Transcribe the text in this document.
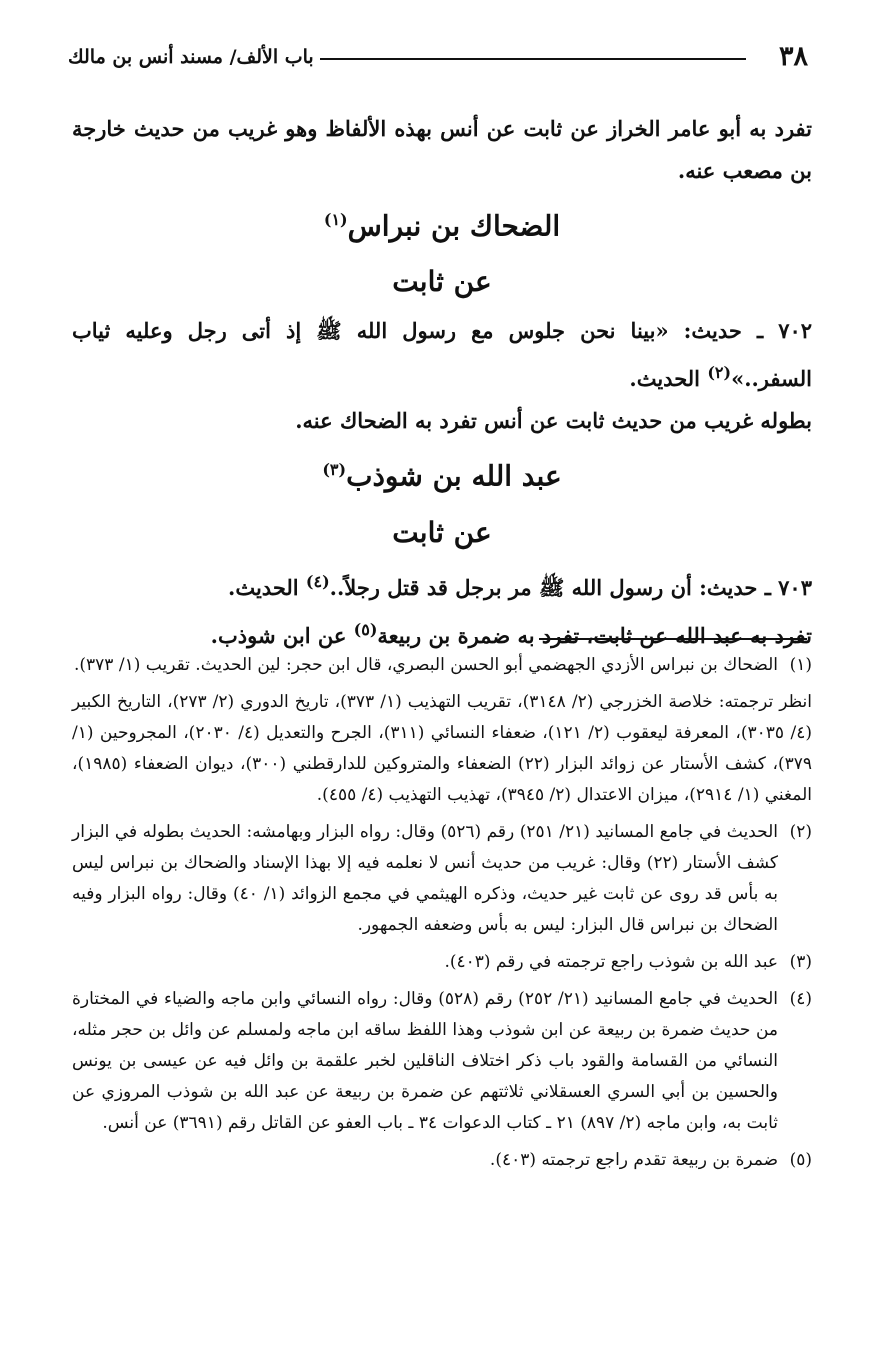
٣٨
باب الألف/ مسند أنس بن مالك

تفرد به أبو عامر الخراز عن ثابت عن أنس بهذه الألفاظ وهو غريب من حديث خارجة بن مصعب عنه.

الضحاك بن نبراس$^{(١)}$

عن ثابت

٧٠٢ ـ حديث: «بينا نحن جلوس مع رسول الله ﷺ إذ أتى رجل وعليه ثياب السفر..»$^{(٢)}$ الحديث.

بطوله غريب من حديث ثابت عن أنس تفرد به الضحاك عنه.

عبد الله بن شوذب$^{(٣)}$

عن ثابت

٧٠٣ ـ حديث: أن رسول الله ﷺ مر برجل قد قتل رجلاً..$^{(٤)}$ الحديث.

تفرد به عبد الله عن ثابت، تفرد به ضمرة بن ربيعة$^{(٥)}$ عن ابن شوذب.

(١)
الضحاك بن نبراس الأزدي الجهضمي أبو الحسن البصري، قال ابن حجر: لين الحديث. تقريب (١/ ٣٧٣).

انظر ترجمته: خلاصة الخزرجي (٢/ ٣١٤٨)، تقريب التهذيب (١/ ٣٧٣)، تاريخ الدوري (٢/ ٢٧٣)، التاريخ الكبير (٤/ ٣٠٣٥)، المعرفة ليعقوب (٢/ ١٢١)، ضعفاء النسائي (٣١١)، الجرح والتعديل (٤/ ٢٠٣٠)، المجروحين (١/ ٣٧٩)، كشف الأستار عن زوائد البزار (٢٢) الضعفاء والمتروكين للدارقطني (٣٠٠)، ديوان الضعفاء (١٩٨٥)، المغني (١/ ٢٩١٤)، ميزان الاعتدال (٢/ ٣٩٤٥)، تهذيب التهذيب (٤/ ٤٥٥).

(٢)
الحديث في جامع المسانيد (٢١/ ٢٥١) رقم (٥٢٦) وقال: رواه البزار وبهامشه: الحديث بطوله في البزار كشف الأستار (٢٢) وقال: غريب من حديث أنس لا نعلمه فيه إلا بهذا الإسناد والضحاك بن نبراس ليس به بأس قد روى عن ثابت غير حديث، وذكره الهيثمي في مجمع الزوائد (١/ ٤٠) وقال: رواه البزار وفيه الضحاك بن نبراس قال البزار: ليس به بأس وضعفه الجمهور.
(٣)
عبد الله بن شوذب راجع ترجمته في رقم (٤٠٣).
(٤)
الحديث في جامع المسانيد (٢١/ ٢٥٢) رقم (٥٢٨) وقال: رواه النسائي وابن ماجه والضياء في المختارة من حديث ضمرة بن ربيعة عن ابن شوذب وهذا اللفظ ساقه ابن ماجه ولمسلم عن وائل بن حجر مثله، النسائي من القسامة والقود باب ذكر اختلاف الناقلين لخبر علقمة بن وائل فيه عن عيسى بن يونس والحسين بن أبي السري العسقلاني ثلاثتهم عن ضمرة بن ربيعة عن عبد الله بن شوذب المروزي عن ثابت به، وابن ماجه (٢/ ٨٩٧) ٢١ ـ كتاب الدعوات ٣٤ ـ باب العفو عن القاتل رقم (٣٦٩١) عن أنس.
(٥)
ضمرة بن ربيعة تقدم راجع ترجمته (٤٠٣).
